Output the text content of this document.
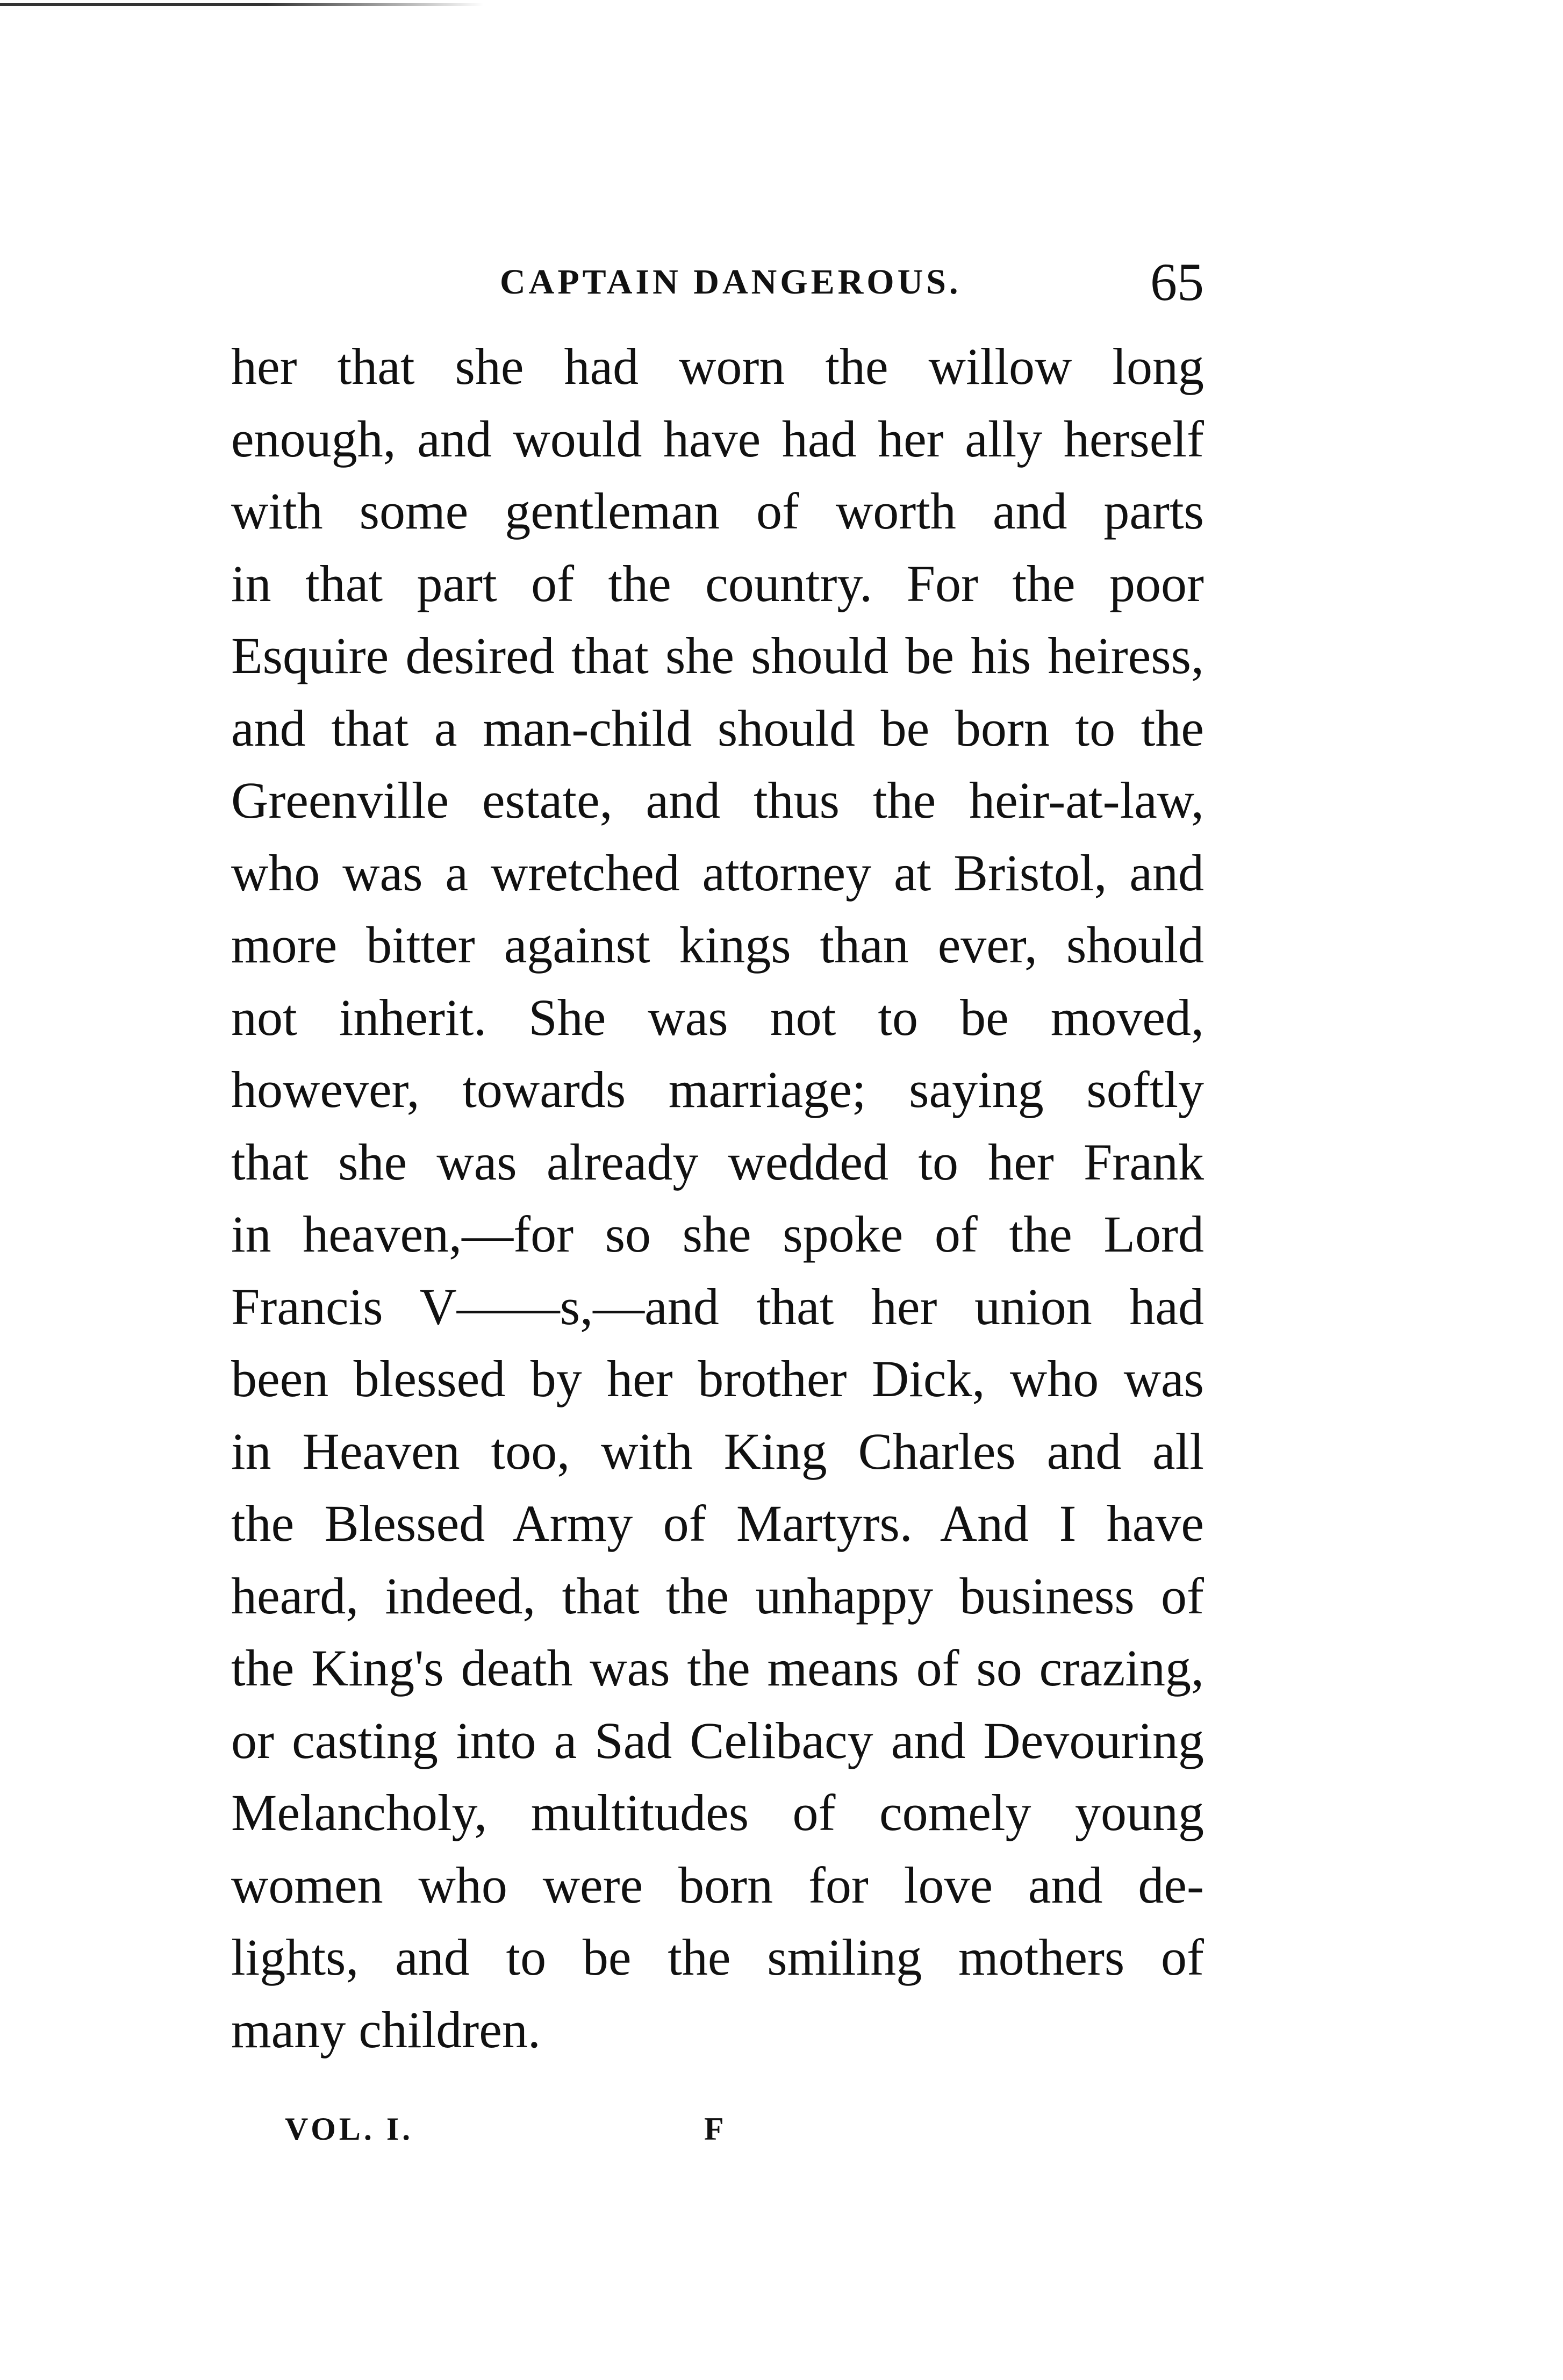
CAPTAIN DANGEROUS.	65
her that she had worn the willow long
enough, and would have had her ally herself
with some gentleman of worth and parts
in that part of the country. For the poor
Esquire desired that she should be his heiress,
and that a man-child should be born to the
Greenville estate, and thus the heir-at-law,
who was a wretched attorney at Bristol, and
more bitter against kings than ever, should
not inherit. She was not to be moved,
however, towards marriage; saying softly
that she was already wedded to her Frank
in heaven,—for so she spoke of the Lord
Francis V——s,—and that her union had
been blessed by her brother Dick, who was
in Heaven too, with King Charles and all
the Blessed Army of Martyrs. And I have
heard, indeed, that the unhappy business of
the King's death was the means of so crazing,
or casting into a Sad Celibacy and Devouring
Melancholy, multitudes of comely young
women who were born for love and de-
lights, and to be the smiling mothers of
many children.
VOL. I.	F
